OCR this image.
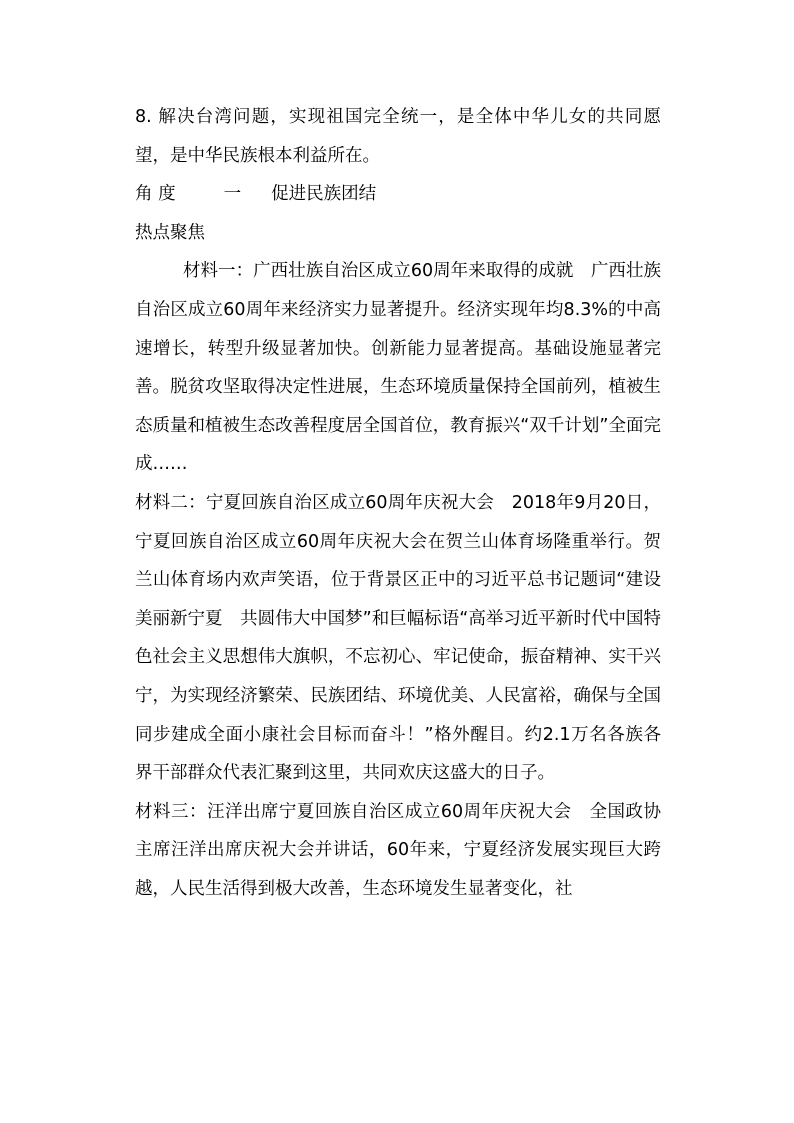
8. 解决台湾问题，实现祖国完全统一，是全体中华儿女的共同愿望，是中华民族根本利益所在。

角 度	一 促进民族团结

热点聚焦

材料一：广西壮族自治区成立60周年来取得的成就　广西壮族自治区成立60周年来经济实力显著提升。经济实现年均8.3%的中高速增长，转型升级显著加快。创新能力显著提高。基础设施显著完善。脱贫攻坚取得决定性进展，生态环境质量保持全国前列，植被生态质量和植被生态改善程度居全国首位，教育振兴“双千计划”全面完成……

材料二：宁夏回族自治区成立60周年庆祝大会　2018年9月20日，宁夏回族自治区成立60周年庆祝大会在贺兰山体育场隆重举行。贺兰山体育场内欢声笑语，位于背景区正中的习近平总书记题词“建设美丽新宁夏　共圆伟大中国梦”和巨幅标语“高举习近平新时代中国特色社会主义思想伟大旗帜，不忘初心、牢记使命，振奋精神、实干兴宁，为实现经济繁荣、民族团结、环境优美、人民富裕，确保与全国同步建成全面小康社会目标而奋斗！”格外醒目。约2.1万名各族各界干部群众代表汇聚到这里，共同欢庆这盛大的日子。

材料三：汪洋出席宁夏回族自治区成立60周年庆祝大会　全国政协主席汪洋出席庆祝大会并讲话，60年来，宁夏经济发展实现巨大跨越，人民生活得到极大改善，生态环境发生显著变化，社
